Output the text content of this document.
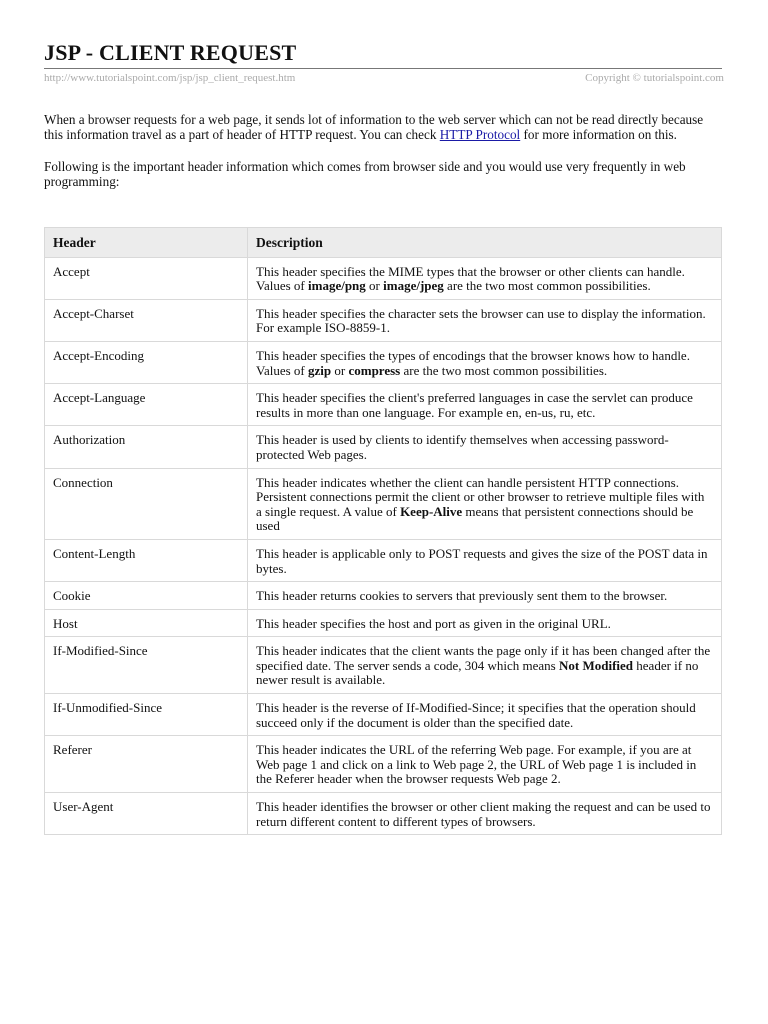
JSP - CLIENT REQUEST
http://www.tutorialspoint.com/jsp/jsp_client_request.htm	Copyright © tutorialspoint.com

When a browser requests for a web page, it sends lot of information to the web server which can not be read directly because this information travel as a part of header of HTTP request. You can check HTTP Protocol for more information on this.

Following is the important header information which comes from browser side and you would use very frequently in web programming:

Header	Description
Accept	This header specifies the MIME types that the browser or other clients can handle. Values of image/png or image/jpeg are the two most common possibilities.
Accept-Charset	This header specifies the character sets the browser can use to display the information. For example ISO-8859-1.
Accept-Encoding	This header specifies the types of encodings that the browser knows how to handle. Values of gzip or compress are the two most common possibilities.
Accept-Language	This header specifies the client's preferred languages in case the servlet can produce results in more than one language. For example en, en-us, ru, etc.
Authorization	This header is used by clients to identify themselves when accessing password-protected Web pages.
Connection	This header indicates whether the client can handle persistent HTTP connections. Persistent connections permit the client or other browser to retrieve multiple files with a single request. A value of Keep-Alive means that persistent connections should be used
Content-Length	This header is applicable only to POST requests and gives the size of the POST data in bytes.
Cookie	This header returns cookies to servers that previously sent them to the browser.
Host	This header specifies the host and port as given in the original URL.
If-Modified-Since	This header indicates that the client wants the page only if it has been changed after the specified date. The server sends a code, 304 which means Not Modified header if no newer result is available.
If-Unmodified-Since	This header is the reverse of If-Modified-Since; it specifies that the operation should succeed only if the document is older than the specified date.
Referer	This header indicates the URL of the referring Web page. For example, if you are at Web page 1 and click on a link to Web page 2, the URL of Web page 1 is included in the Referer header when the browser requests Web page 2.
User-Agent	This header identifies the browser or other client making the request and can be used to return different content to different types of browsers.
